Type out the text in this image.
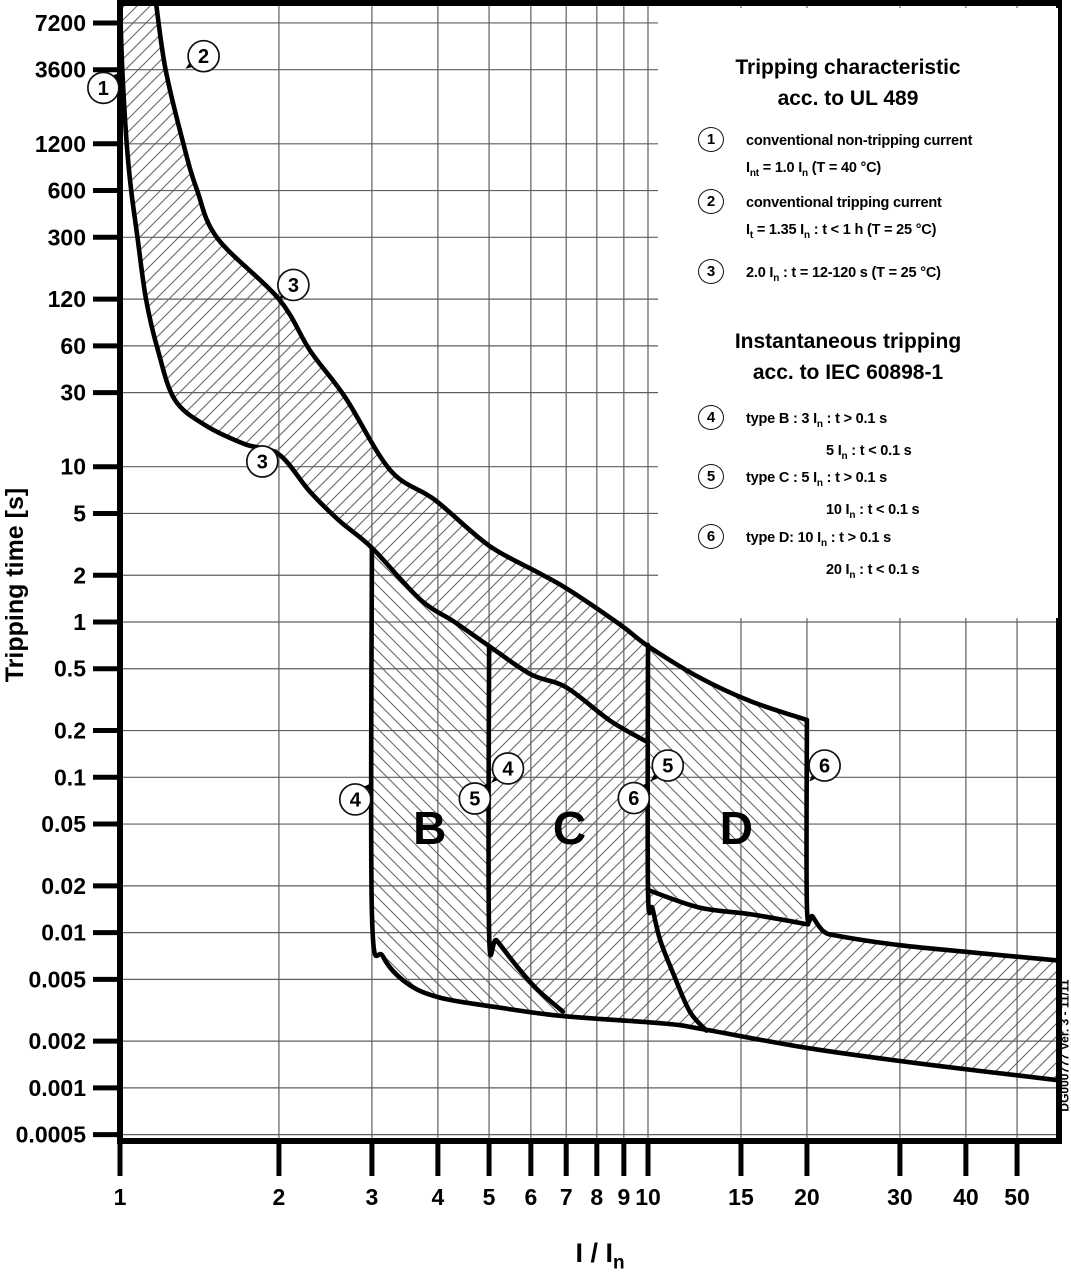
7200
3600
1200
600
300
120
60
30
10
5
2
1
0.5
0.2
0.1
0.05
0.02
0.01
0.005
0.002
0.001
0.0005
1	2	3 4 5 6 7 8 9 10	15 20	30 40 50
1
2
3
3
4	5
4
6
5	6
B C	D
Tripping characteristic
acc. to UL 489
Instantaneous tripping
acc. to IEC 60898-1
1	conventional non-tripping current
$I_{nt} = 1.0$ $I_n$ (T = 40 °C)
2	conventional tripping current
$I_t = 1.35$ $I_n$ : t < 1 h (T = 25 °C)
3	2.0 $I_n$ : t = 12-120 s (T = 25 °C)
4	type B : 3 $I_n$ : t > 0.1 s
5 $I_n$ : t < 0.1 s
5	type C : 5 $I_n$ : t > 0.1 s
10 $I_n$ : t < 0.1 s
6	type D: 10 $I_n$ : t > 0.1 s
20 $I_n$ : t < 0.1 s
Tripping time [s]
I / $I_n$
DG000777 Ver. 3 - 11/11
